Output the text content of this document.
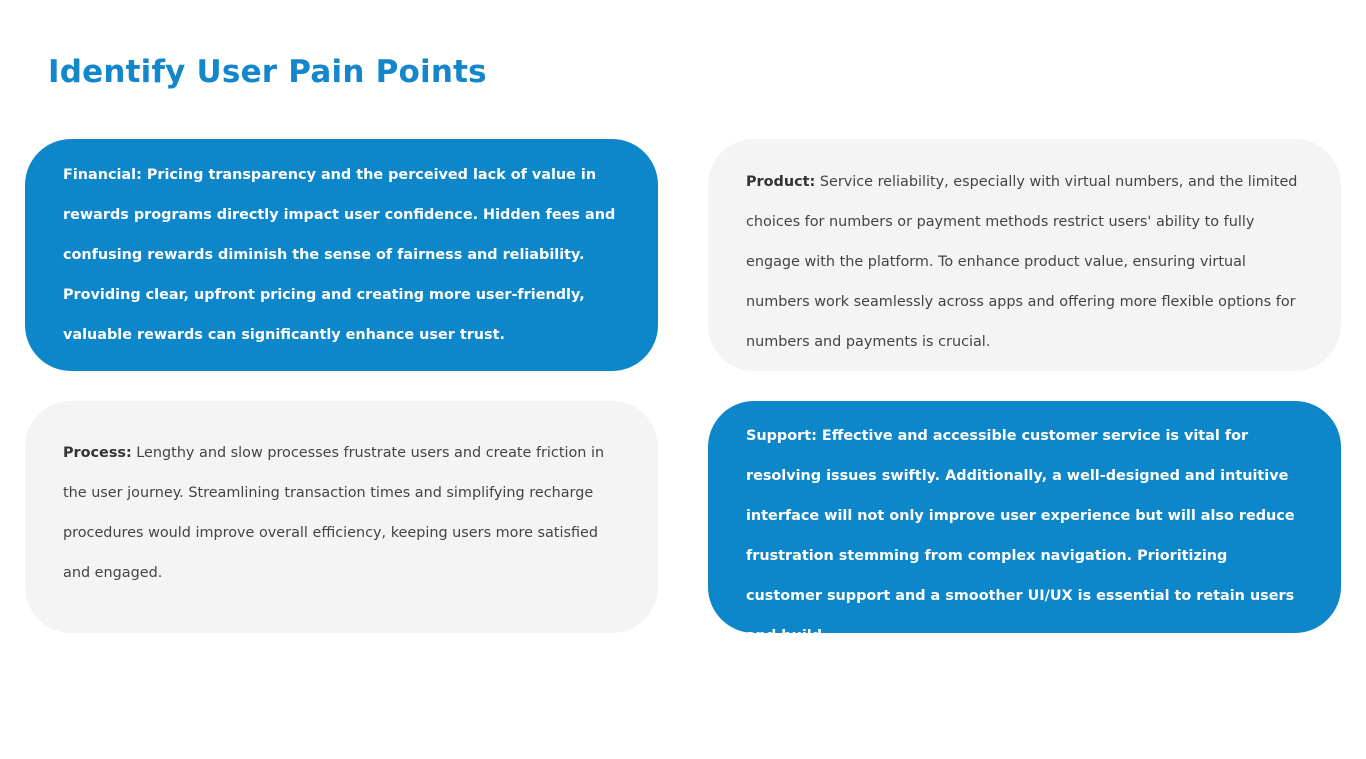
Identify User Pain Points

Financial: Pricing transparency and the perceived lack of value in rewards programs directly impact user confidence. Hidden fees and confusing rewards diminish the sense of fairness and reliability. Providing clear, upfront pricing and creating more user-friendly, valuable rewards can significantly enhance user trust.

Product: Service reliability, especially with virtual numbers, and the limited choices for numbers or payment methods restrict users' ability to fully engage with the platform. To enhance product value, ensuring virtual numbers work seamlessly across apps and offering more flexible options for numbers and payments is crucial.

Process: Lengthy and slow processes frustrate users and create friction in the user journey. Streamlining transaction times and simplifying recharge procedures would improve overall efficiency, keeping users more satisfied and engaged.

Support: Effective and accessible customer service is vital for resolving issues swiftly. Additionally, a well-designed and intuitive interface will not only improve user experience but will also reduce frustration stemming from complex navigation. Prioritizing customer support and a smoother UI/UX is essential to retain users and build
